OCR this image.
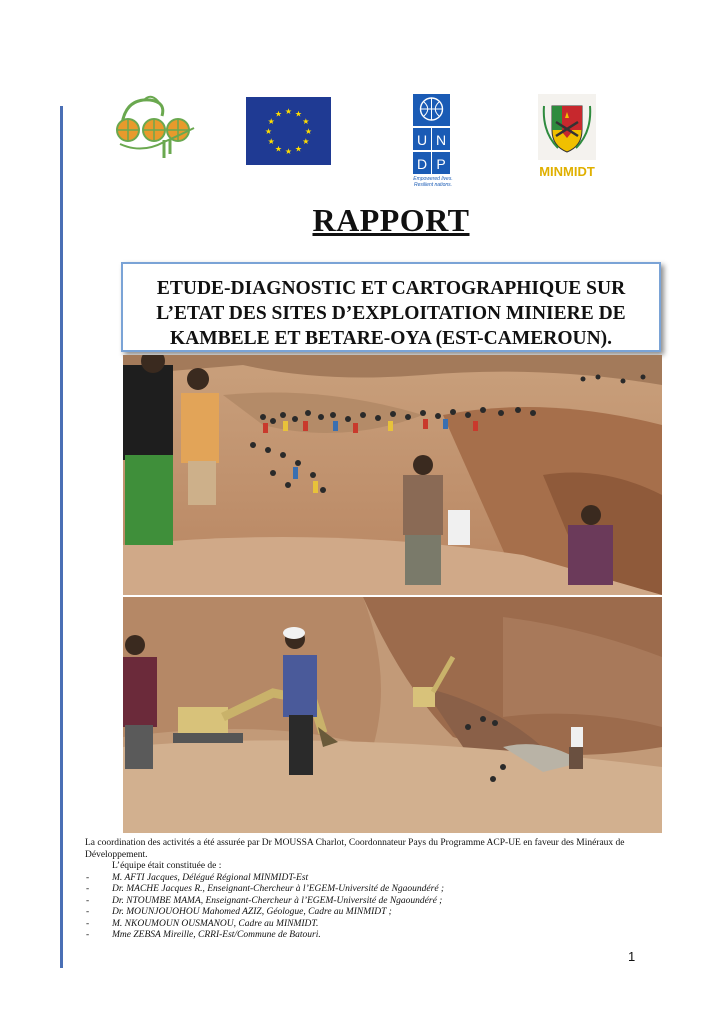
★ ★
★
★
★
★
★
★
★
★
★
★
U N
D P
Empowered lives.
Resilient nations.
MINMIDT
RAPPORT
ETUDE-DIAGNOSTIC ET CARTOGRAPHIQUE SUR
L’ETAT DES SITES D’EXPLOITATION MINIERE DE
KAMBELE ET BETARE-OYA (EST-CAMEROUN).

La coordination des activités a été assurée par Dr MOUSSA Charlot, Coordonnateur Pays du Programme ACP-UE en faveur des Minéraux de Développement.

L’équipe était constituée de :

- M. AFTI Jacques, Délégué Régional MINMIDT-Est
- Dr. MACHE Jacques R., Enseignant-Chercheur à l’EGEM-Université de Ngaoundéré ;
- Dr. NTOUMBE MAMA, Enseignant-Chercheur à l’EGEM-Université de Ngaoundéré ;
- Dr. MOUNJOUOHOU Mahomed AZIZ, Géologue, Cadre au MINMIDT ;
- M. NKOUMOUN OUSMANOU, Cadre au MINMIDT.
- Mme ZEBSA Mireille, CRRI-Est/Commune de Batouri.
1
